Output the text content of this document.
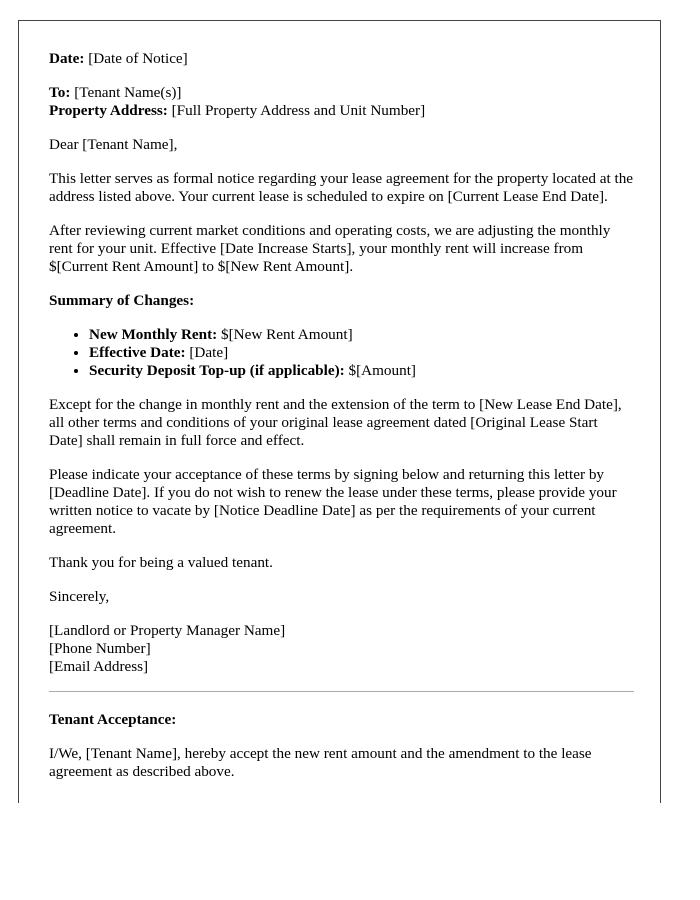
Date: [Date of Notice]

To: [Tenant Name(s)]
Property Address: [Full Property Address and Unit Number]

Dear [Tenant Name],

This letter serves as formal notice regarding your lease agreement for the property located at the address listed above. Your current lease is scheduled to expire on [Current Lease End Date].

After reviewing current market conditions and operating costs, we are adjusting the monthly rent for your unit. Effective [Date Increase Starts], your monthly rent will increase from $[Current Rent Amount] to $[New Rent Amount].

Summary of Changes:

• New Monthly Rent: $[New Rent Amount]
• Effective Date: [Date]
• Security Deposit Top-up (if applicable): $[Amount]

Except for the change in monthly rent and the extension of the term to [New Lease End Date], all other terms and conditions of your original lease agreement dated [Original Lease Start Date] shall remain in full force and effect.

Please indicate your acceptance of these terms by signing below and returning this letter by [Deadline Date]. If you do not wish to renew the lease under these terms, please provide your written notice to vacate by [Notice Deadline Date] as per the requirements of your current agreement.

Thank you for being a valued tenant.

Sincerely,

[Landlord or Property Manager Name]
[Phone Number]
[Email Address]

Tenant Acceptance:

I/We, [Tenant Name], hereby accept the new rent amount and the amendment to the lease agreement as described above.
